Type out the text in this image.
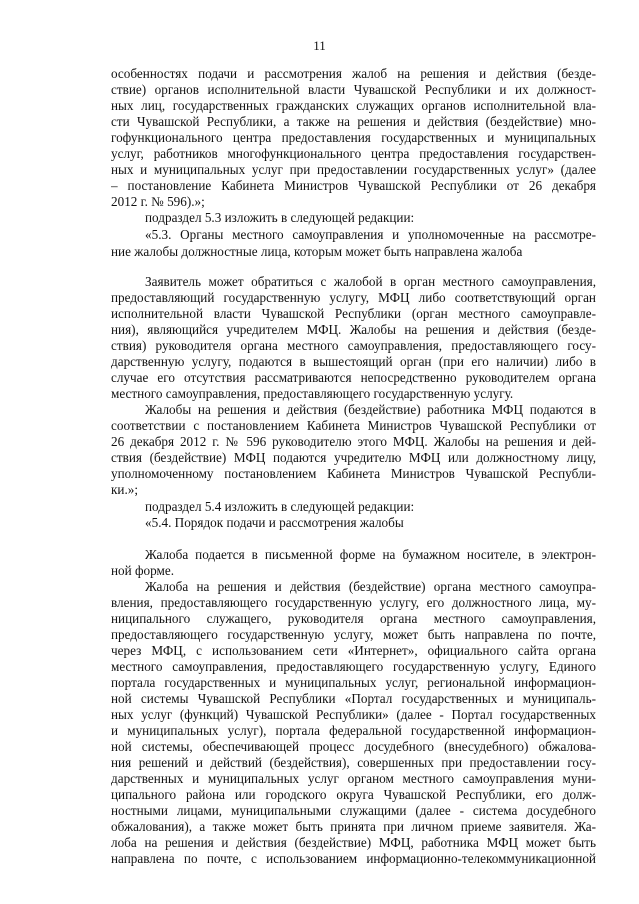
11
особенностях подачи и рассмотрения жалоб на решения и действия (безде-
ствие) органов исполнительной власти Чувашской Республики и их должност-
ных лиц, государственных гражданских служащих органов исполнительной вла-
сти Чувашской Республики, а также на решения и действия (бездействие) мно-
гофункционального центра предоставления государственных и муниципальных
услуг, работников многофункционального центра предоставления государствен-
ных и муниципальных услуг при предоставлении государственных услуг» (далее
– постановление Кабинета Министров Чувашской Республики от 26 декабря
2012 г. № 596).»;
подраздел 5.3 изложить в следующей редакции:
«5.3. Органы местного самоуправления и уполномоченные на рассмотре-
ние жалобы должностные лица, которым может быть направлена жалоба
Заявитель может обратиться с жалобой в орган местного самоуправления,
предоставляющий государственную услугу, МФЦ либо соответствующий орган
исполнительной власти Чувашской Республики (орган местного самоуправле-
ния), являющийся учредителем МФЦ. Жалобы на решения и действия (безде-
ствия) руководителя органа местного самоуправления, предоставляющего госу-
дарственную услугу, подаются в вышестоящий орган (при его наличии) либо в
случае его отсутствия рассматриваются непосредственно руководителем органа
местного самоуправления, предоставляющего государственную услугу.
Жалобы на решения и действия (бездействие) работника МФЦ подаются в
соответствии с постановлением Кабинета Министров Чувашской Республики от
26 декабря 2012 г. № 596 руководителю этого МФЦ. Жалобы на решения и дей-
ствия (бездействие) МФЦ подаются учредителю МФЦ или должностному лицу,
уполномоченному постановлением Кабинета Министров Чувашской Республи-
ки.»;
подраздел 5.4 изложить в следующей редакции:
«5.4. Порядок подачи и рассмотрения жалобы
Жалоба подается в письменной форме на бумажном носителе, в электрон-
ной форме.
Жалоба на решения и действия (бездействие) органа местного самоупра-
вления, предоставляющего государственную услугу, его должностного лица, му-
ниципального служащего, руководителя органа местного самоуправления,
предоставляющего государственную услугу, может быть направлена по почте,
через МФЦ, с использованием сети «Интернет», официального сайта органа
местного самоуправления, предоставляющего государственную услугу, Единого
портала государственных и муниципальных услуг, региональной информацион-
ной системы Чувашской Республики «Портал государственных и муниципаль-
ных услуг (функций) Чувашской Республики» (далее - Портал государственных
и муниципальных услуг), портала федеральной государственной информацион-
ной системы, обеспечивающей процесс досудебного (внесудебного) обжалова-
ния решений и действий (бездействия), совершенных при предоставлении госу-
дарственных и муниципальных услуг органом местного самоуправления муни-
ципального района или городского округа Чувашской Республики, его долж-
ностными лицами, муниципальными служащими (далее - система досудебного
обжалования), а также может быть принята при личном приеме заявителя. Жа-
лоба на решения и действия (бездействие) МФЦ, работника МФЦ может быть
направлена по почте, с использованием информационно-телекоммуникационной
